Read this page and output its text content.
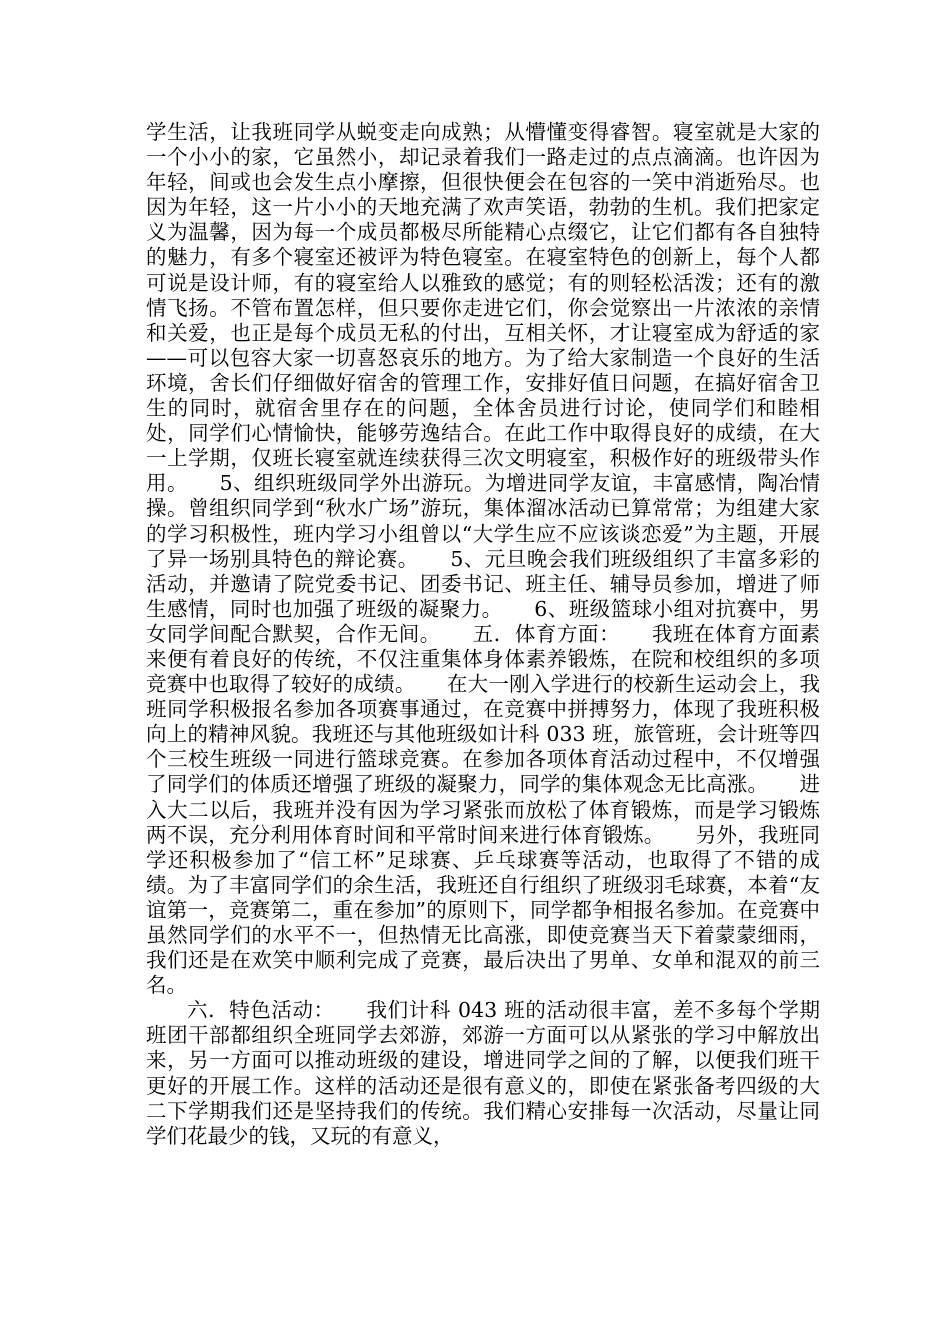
学生活，让我班同学从蜕变走向成熟；从懵懂变得睿智。寝室就是大家的一个小小的家，它虽然小，却记录着我们一路走过的点点滴滴。也许因为年轻，间或也会发生点小摩擦，但很快便会在包容的一笑中消逝殆尽。也因为年轻，这一片小小的天地充满了欢声笑语，勃勃的生机。我们把家定义为温馨，因为每一个成员都极尽所能精心点缀它，让它们都有各自独特的魅力，有多个寝室还被评为特色寝室。在寝室特色的创新上，每个人都可说是设计师，有的寝室给人以雅致的感觉；有的则轻松活泼；还有的激情飞扬。不管布置怎样，但只要你走进它们，你会觉察出一片浓浓的亲情和关爱，也正是每个成员无私的付出，互相关怀，才让寝室成为舒适的家——可以包容大家一切喜怒哀乐的地方。为了给大家制造一个良好的生活环境，舍长们仔细做好宿舍的管理工作，安排好值日问题，在搞好宿舍卫生的同时，就宿舍里存在的问题，全体舍员进行讨论，使同学们和睦相处，同学们心情愉快，能够劳逸结合。在此工作中取得良好的成绩，在大一上学期，仅班长寝室就连续获得三次文明寝室，积极作好的班级带头作用。　　5、组织班级同学外出游玩。为增进同学友谊，丰富感情，陶冶情操。曾组织同学到“秋水广场”游玩，集体溜冰活动已算常常；为组建大家的学习积极性，班内学习小组曾以“大学生应不应该谈恋爱”为主题，开展了异一场别具特色的辩论赛。　　5、元旦晚会我们班级组织了丰富多彩的活动，并邀请了院党委书记、团委书记、班主任、辅导员参加，增进了师生感情，同时也加强了班级的凝聚力。　　6、班级篮球小组对抗赛中，男女同学间配合默契，合作无间。　　五．体育方面：　　我班在体育方面素来便有着良好的传统，不仅注重集体身体素养锻炼，在院和校组织的多项竞赛中也取得了较好的成绩。　　在大一刚入学进行的校新生运动会上，我班同学积极报名参加各项赛事通过，在竞赛中拼搏努力，体现了我班积极向上的精神风貌。我班还与其他班级如计科 033 班，旅管班，会计班等四个三校生班级一同进行篮球竞赛。在参加各项体育活动过程中，不仅增强了同学们的体质还增强了班级的凝聚力，同学的集体观念无比高涨。　　进入大二以后，我班并没有因为学习紧张而放松了体育锻炼，而是学习锻炼两不误，充分利用体育时间和平常时间来进行体育锻炼。　　另外，我班同学还积极参加了“信工杯”足球赛、乒乓球赛等活动，也取得了不错的成绩。为了丰富同学们的余生活，我班还自行组织了班级羽毛球赛，本着“友谊第一，竞赛第二，重在参加”的原则下，同学都争相报名参加。在竞赛中虽然同学们的水平不一，但热情无比高涨，即使竞赛当天下着蒙蒙细雨，我们还是在欢笑中顺利完成了竞赛，最后决出了男单、女单和混双的前三名。

六．特色活动：　　我们计科 043 班的活动很丰富，差不多每个学期班团干部都组织全班同学去郊游，郊游一方面可以从紧张的学习中解放出来，另一方面可以推动班级的建设，增进同学之间的了解，以便我们班干更好的开展工作。这样的活动还是很有意义的，即使在紧张备考四级的大二下学期我们还是坚持我们的传统。我们精心安排每一次活动，尽量让同学们花最少的钱，又玩的有意义，
